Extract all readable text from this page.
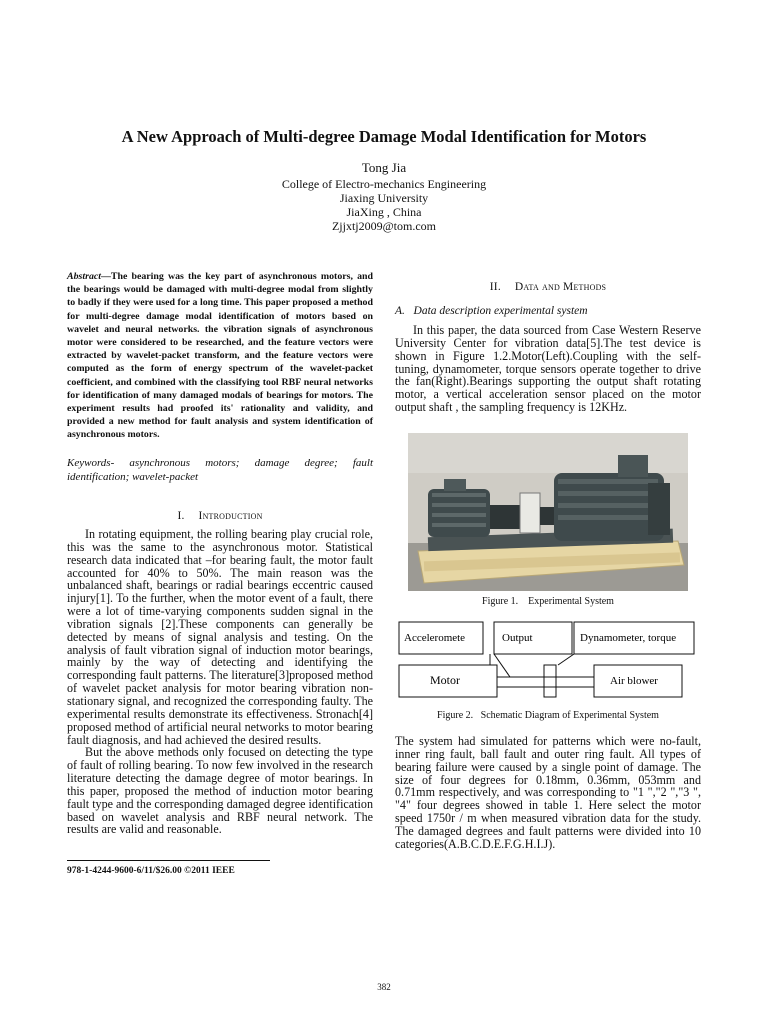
A New Approach of Multi-degree Damage Modal Identification for Motors
Tong Jia
College of Electro-mechanics Engineering
Jiaxing University
JiaXing , China
Zjjxtj2009@tom.com
Abstract—The bearing was the key part of asynchronous motors, and the bearings would be damaged with multi-degree modal from slightly to badly if they were used for a long time. This paper proposed a method for multi-degree damage modal identification of motors based on wavelet and neural networks. the vibration signals of asynchronous motor were considered to be researched, and the feature vectors were extracted by wavelet-packet transform, and the feature vectors were computed as the form of energy spectrum of the wavelet-packet coefficient, and combined with the classifying tool RBF neural networks for identification of many damaged modals of bearings for motors. The experiment results had proofed its' rationality and validity, and provided a new method for fault analysis and system identification of asynchronous motors.
Keywords- asynchronous motors; damage degree; fault identification; wavelet-packet
I. Introduction

In rotating equipment, the rolling bearing play crucial role, this was the same to the asynchronous motor. Statistical research data indicated that –for bearing fault, the motor fault accounted for 40% to 50%. The main reason was the unbalanced shaft, bearings or radial bearings eccentric caused injury[1]. To the further, when the motor event of a fault, there were a lot of time-varying components sudden signal in the vibration signals [2].These components can generally be detected by means of signal analysis and testing. On the analysis of fault vibration signal of induction motor bearings, mainly by the way of detecting and identifying the corresponding fault patterns. The literature[3]proposed method of wavelet packet analysis for motor bearing vibration non-stationary signal, and recognized the corresponding faulty. The experimental results demonstrate its effectiveness. Stronach[4] proposed method of artificial neural networks to motor bearing fault diagnosis, and had achieved the desired results.

But the above methods only focused on detecting the type of fault of rolling bearing. To now few involved in the research literature detecting the damage degree of motor bearings. In this paper, proposed the method of induction motor bearing fault type and the corresponding damaged degree identification based on wavelet analysis and RBF neural network. The results are valid and reasonable.

978-1-4244-9600-6/11/$26.00 ©2011 IEEE
II. Data and Methods
A. Data description experimental system

In this paper, the data sourced from Case Western Reserve University Center for vibration data[5].The test device is shown in Figure 1.2.Motor(Left).Coupling with the self-tuning, dynamometer, torque sensors operate together to drive the fan(Right).Bearings supporting the output shaft rotating motor, a vertical acceleration sensor placed on the motor output shaft , the sampling frequency is 12KHz.

Figure 1. Experimental System
Acceleromete	Output	Dynamometer, torque
Motor	Air blower
Figure 2. Schematic Diagram of Experimental System

The system had simulated for patterns which were no-fault, inner ring fault, ball fault and outer ring fault. All types of bearing failure were caused by a single point of damage. The size of four degrees for 0.18mm, 0.36mm, 053mm and 0.71mm respectively, and was corresponding to "1 ","2 ","3 ", "4" four degrees showed in table 1. Here select the motor speed 1750r / m when measured vibration data for the study. The damaged degrees and fault patterns were divided into 10 categories(A.B.C.D.E.F.G.H.I.J).

382
